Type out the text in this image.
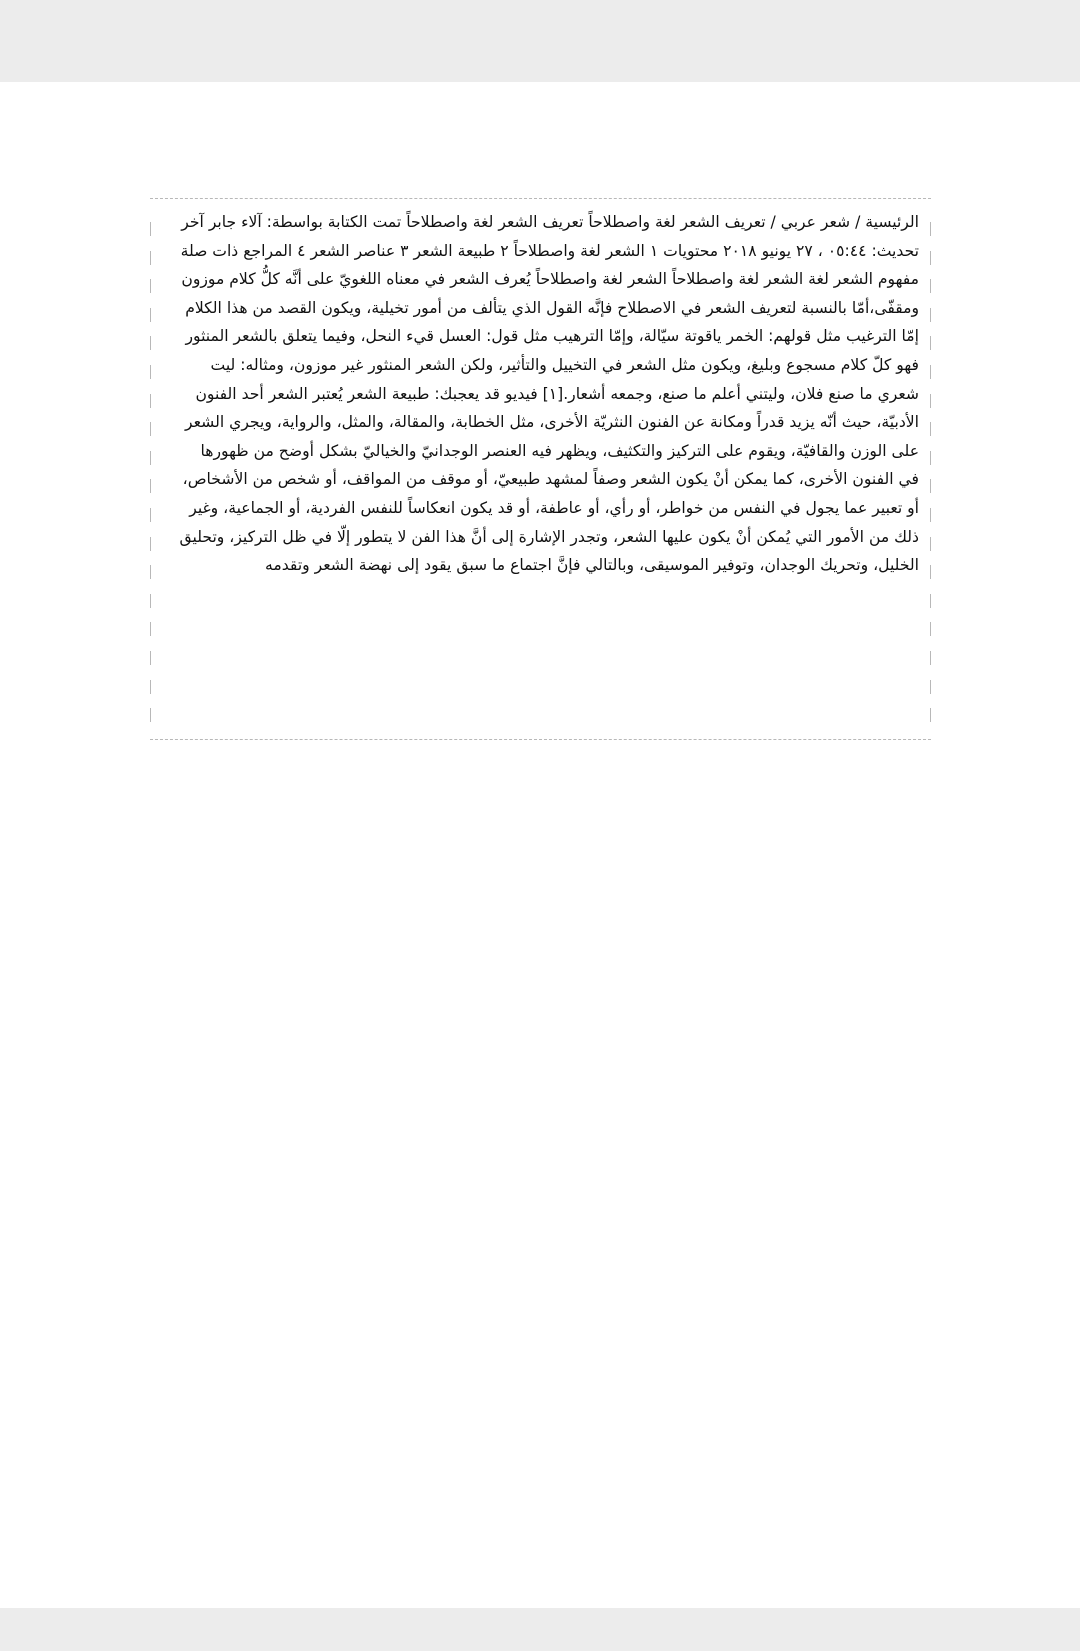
الرئيسية / شعر عربي / تعريف الشعر لغة واصطلاحاً تعريف الشعر لغة واصطلاحاً تمت الكتابة بواسطة: آلاء جابر آخر تحديث: ٠٥:٤٤ ، ٢٧ يونيو ٢٠١٨ محتويات ١ الشعر لغة واصطلاحاً ٢ طبيعة الشعر ٣ عناصر الشعر ٤ المراجع ذات صلة مفهوم الشعر لغة الشعر لغة واصطلاحاً الشعر لغة واصطلاحاً يُعرف الشعر في معناه اللغويّ على أنَّه كلُّ كلام موزون ومقفّى،أمّا بالنسبة لتعريف الشعر في الاصطلاح فإنَّه القول الذي يتألف من أمور تخيلية، ويكون القصد من هذا الكلام إمّا الترغيب مثل قولهم: الخمر ياقوتة سيّالة، وإمّا الترهيب مثل قول: العسل قيء النحل، وفيما يتعلق بالشعر المنثور فهو كلّ كلام مسجوع وبليغ، ويكون مثل الشعر في التخييل والتأثير، ولكن الشعر المنثور غير موزون، ومثاله: ليت شعري ما صنع فلان، وليتني أعلم ما صنع، وجمعه أشعار.[١] فيديو قد يعجبك: طبيعة الشعر يُعتبر الشعر أحد الفنون الأدبيّة، حيث أنّه يزيد قدراً ومكانة عن الفنون النثريّة الأخرى، مثل الخطابة، والمقالة، والمثل، والرواية، ويجري الشعر على الوزن والقافيّة، ويقوم على التركيز والتكثيف، ويظهر فيه العنصر الوجدانيّ والخياليّ بشكل أوضح من ظهورها في الفنون الأخرى، كما يمكن أنْ يكون الشعر وصفاً لمشهد طبيعيّ، أو موقف من المواقف، أو شخص من الأشخاص، أو تعبير عما يجول في النفس من خواطر، أو رأي، أو عاطفة، أو قد يكون انعكاساً للنفس الفردية، أو الجماعية، وغير ذلك من الأمور التي يُمكن أنْ يكون عليها الشعر، وتجدر الإشارة إلى أنَّ هذا الفن لا يتطور إلّا في ظل التركيز، وتحليق الخليل، وتحريك الوجدان، وتوفير الموسيقى، وبالتالي فإنَّ اجتماع ما سبق يقود إلى نهضة الشعر وتقدمه
